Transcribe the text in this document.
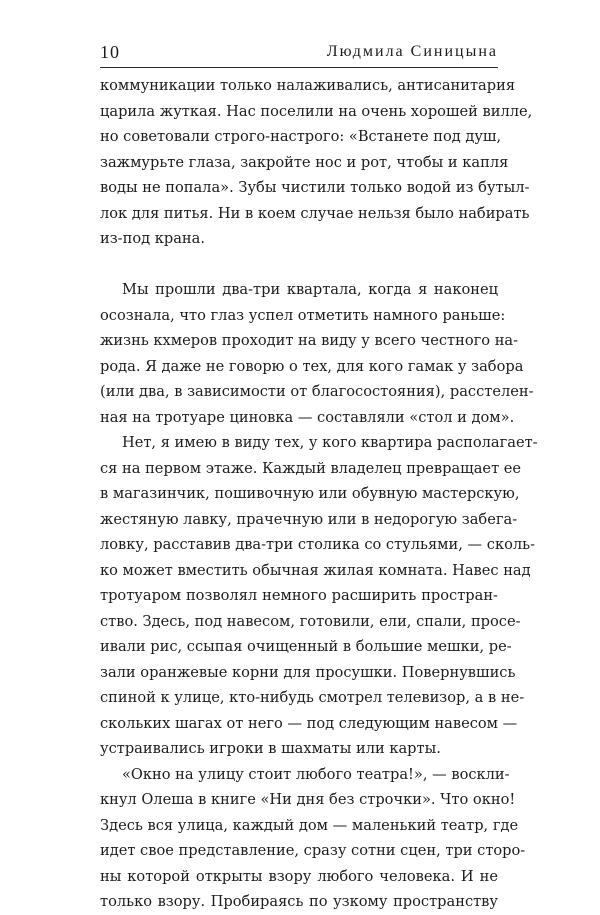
10	Людмила Синицына
коммуникации только налаживались, антисанитария
царила жуткая. Нас поселили на очень хорошей вилле,
но советовали строго-настрого: «Встанете под душ,
зажмурьте глаза, закройте нос и рот, чтобы и капля
воды не попала». Зубы чистили только водой из бутыл-
лок для питья. Ни в коем случае нельзя было набирать
из-под крана.
Мы прошли два-три квартала, когда я наконец
осознала, что глаз успел отметить намного раньше:
жизнь кхмеров проходит на виду у всего честного на-
рода. Я даже не говорю о тех, для кого гамак у забора
(или два, в зависимости от благосостояния), расстелен-
ная на тротуаре циновка — составляли «стол и дом».
Нет, я имею в виду тех, у кого квартира располагает-
ся на первом этаже. Каждый владелец превращает ее
в магазинчик, пошивочную или обувную мастерскую,
жестяную лавку, прачечную или в недорогую забега-
ловку, расставив два-три столика со стульями, — сколь-
ко может вместить обычная жилая комната. Навес над
тротуаром позволял немного расширить простран-
ство. Здесь, под навесом, готовили, ели, спали, просе-
ивали рис, ссыпая очищенный в большие мешки, ре-
зали оранжевые корни для просушки. Повернувшись
спиной к улице, кто-нибудь смотрел телевизор, а в не-
скольких шагах от него — под следующим навесом —
устраивались игроки в шахматы или карты.
«Окно на улицу стоит любого театра!», — воскли-
кнул Олеша в книге «Ни дня без строчки». Что окно!
Здесь вся улица, каждый дом — маленький театр, где
идет свое представление, сразу сотни сцен, три сторо-
ны которой открыты взору любого человека. И не
только взору. Пробираясь по узкому пространству
